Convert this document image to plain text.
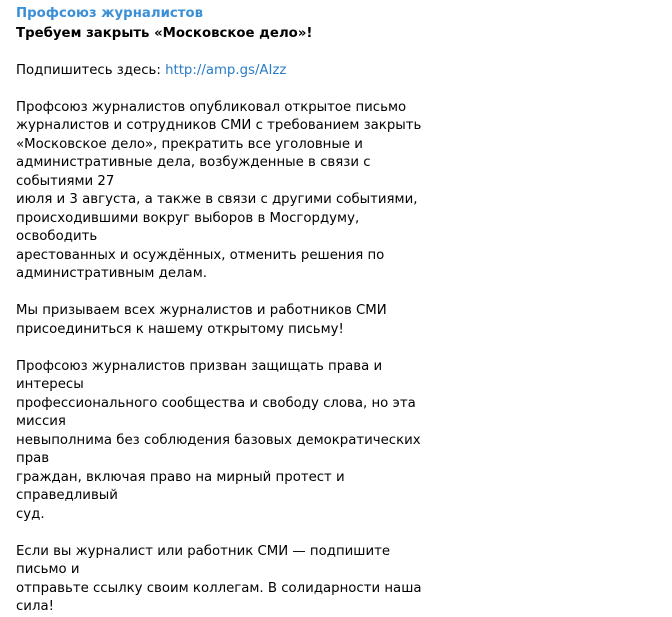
Профсоюз журналистов
Требуем закрыть «Московское дело»!

Подпишитесь здесь: http://amp.gs/AIzz

Профсоюз журналистов опубликовал открытое письмо
журналистов и сотрудников СМИ с требованием закрыть
«Московское дело», прекратить все уголовные и
административные дела, возбужденные в связи с событиями 27
июля и 3 августа, а также в связи с другими событиями,
происходившими вокруг выборов в Мосгордуму, освободить
арестованных и осуждённых, отменить решения по
административным делам.

Мы призываем всех журналистов и работников СМИ
присоединиться к нашему открытому письму!

Профсоюз журналистов призван защищать права и интересы
профессионального сообщества и свободу слова, но эта миссия
невыполнима без соблюдения базовых демократических прав
граждан, включая право на мирный протест и справедливый
суд.

Если вы журналист или работник СМИ — подпишите письмо и
отправьте ссылку своим коллегам. В солидарности наша сила!
